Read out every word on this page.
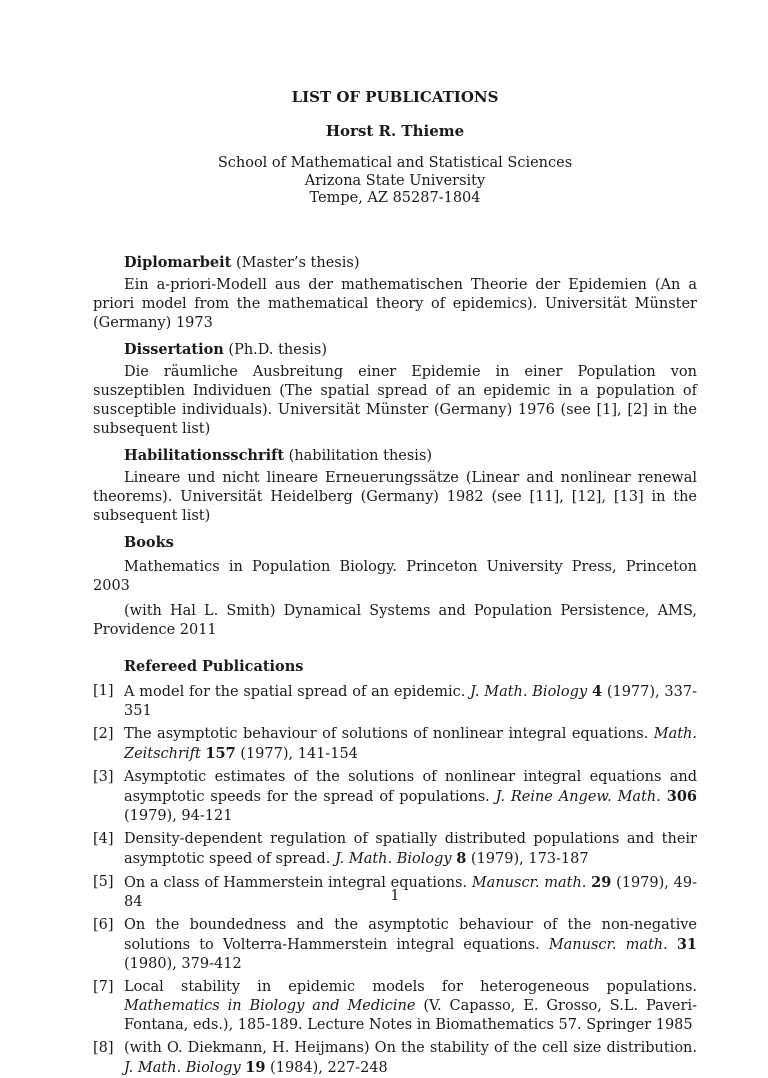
LIST OF PUBLICATIONS
Horst R. Thieme
School of Mathematical and Statistical Sciences
Arizona State University
Tempe, AZ 85287-1804
Diplomarbeit (Master’s thesis)
Ein a-priori-Modell aus der mathematischen Theorie der Epidemien (An a priori model from the mathematical theory of epidemics). Universität Münster (Germany) 1973
Dissertation (Ph.D. thesis)
Die räumliche Ausbreitung einer Epidemie in einer Population von suszeptiblen Individuen (The spatial spread of an epidemic in a population of susceptible individuals). Universität Münster (Germany) 1976 (see [1], [2] in the subsequent list)
Habilitationsschrift (habilitation thesis)
Lineare und nicht lineare Erneuerungssätze (Linear and nonlinear renewal theorems). Universität Heidelberg (Germany) 1982 (see [11], [12], [13] in the subsequent list)
Books
Mathematics in Population Biology. Princeton University Press, Princeton 2003
(with Hal L. Smith) Dynamical Systems and Population Persistence, AMS, Providence 2011
Refereed Publications
[1] A model for the spatial spread of an epidemic. J. Math. Biology 4 (1977), 337-351
[2] The asymptotic behaviour of solutions of nonlinear integral equations. Math. Zeitschrift 157 (1977), 141-154
[3] Asymptotic estimates of the solutions of nonlinear integral equations and asymptotic speeds for the spread of populations. J. Reine Angew. Math. 306 (1979), 94-121
[4] Density-dependent regulation of spatially distributed populations and their asymptotic speed of spread. J. Math. Biology 8 (1979), 173-187
[5] On a class of Hammerstein integral equations. Manuscr. math. 29 (1979), 49-84
[6] On the boundedness and the asymptotic behaviour of the non-negative solutions to Volterra-Hammerstein integral equations. Manuscr. math. 31 (1980), 379-412
[7] Local stability in epidemic models for heterogeneous populations. Mathematics in Biology and Medicine (V. Capasso, E. Grosso, S.L. Paveri-Fontana, eds.), 185-189. Lecture Notes in Biomathematics 57. Springer 1985
[8] (with O. Diekmann, H. Heijmans) On the stability of the cell size distribution. J. Math. Biology 19 (1984), 227-248
1
